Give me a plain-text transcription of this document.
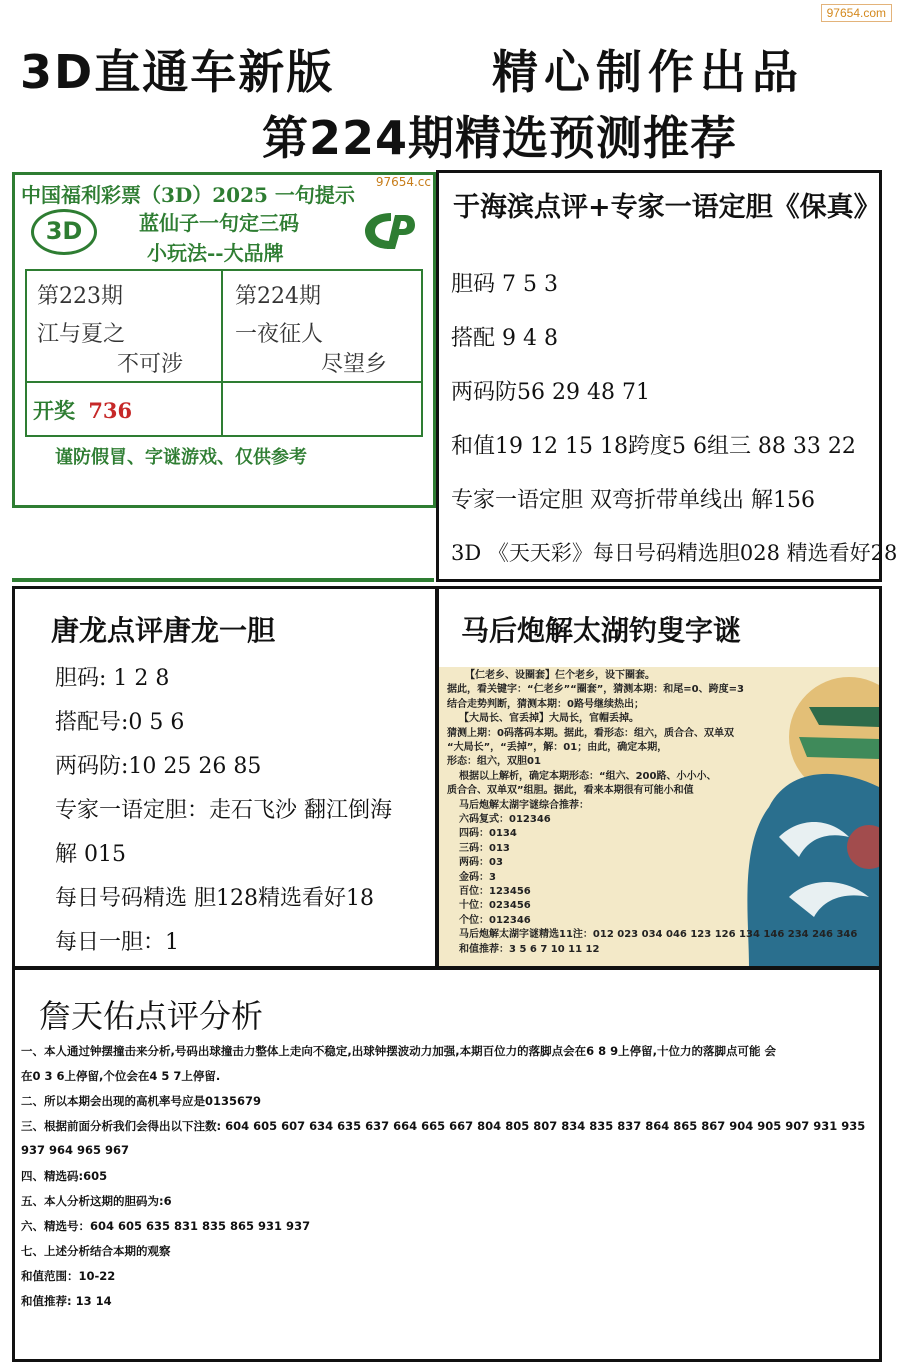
97654.com
3D直通车新版	精心制作出品
第224期精选预测推荐
中国福利彩票（3D）2025 一句提示
97654.cc
3D	蓝仙子一句定三码
小玩法--大品牌
第223期
江与夏之
不可涉
第224期
一夜征人
尽望乡
开奖 736
谨防假冒、字谜游戏、仅供参考
于海滨点评+专家一语定胆《保真》
胆码 7 5 3
搭配 9 4 8
两码防56 29 48 71
和值19 12 15 18跨度5 6组三 88 33 22
专家一语定胆 双弯折带单线出 解156
3D 《天天彩》每日号码精选胆028 精选看好28
唐龙点评唐龙一胆
胆码: 1 2 8
搭配号:0 5 6
两码防:10 25 26 85
专家一语定胆：走石飞沙 翻江倒海
解 015
每日号码精选 胆128精选看好18
每日一胆：1
马后炮解太湖钓叟字谜
【仁老乡、设圈套】仨个老乡，设下圈套。
据此，看关键字：“仁老乡”“圈套”，猜测本期：和尾=0、跨度=3
结合走势判断，猜测本期：0路号继续热出；
【大局长、官丢掉】大局长，官帽丢掉。
猜测上期：0码落码本期。据此，看形态：组六，质合合、双单双
“大局长”，“丢掉”，解：01；由此，确定本期，
形态：组六，双胆01
根据以上解析，确定本期形态：“组六、200路、小小小、
质合合、双单双”组胆。据此，看来本期很有可能小和值
马后炮解太湖字谜综合推荐：
六码复式：012346
四码：0134
三码：013
两码：03
金码：3
百位：123456
十位：023456
个位：012346
马后炮解太湖字谜精选11注：012 023 034 046 123 126 134 146 234 246 346
和值推荐：3 5 6 7 10 11 12
詹天佑点评分析
一、本人通过钟摆撞击来分析,号码出球撞击力整体上走向不稳定,出球钟摆波动力加强,本期百位力的落脚点会在6 8 9上停留,十位力的落脚点可能 会
在0 3 6上停留,个位会在4 5 7上停留.
二、所以本期会出现的高机率号应是0135679
三、根据前面分析我们会得出以下注数: 604 605 607 634 635 637 664 665 667 804 805 807 834 835 837 864 865 867 904 905 907 931 935
937 964 965 967
四、精选码:605
五、本人分析这期的胆码为:6
六、精选号：604 605 635 831 835 865 931 937
七、上述分析结合本期的观察
和值范围：10-22
和值推荐: 13 14
